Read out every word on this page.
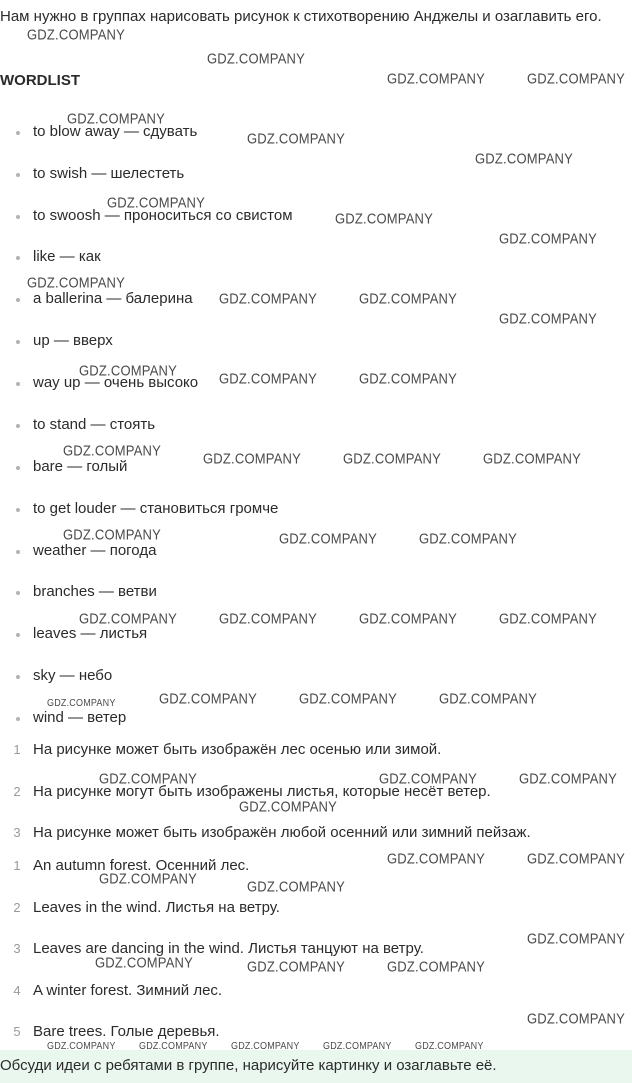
Нам нужно в группах нарисовать рисунок к стихотворению Анджелы и озаглавить его.
WORDLIST
to blow away — сдувать
to swish — шелестеть
to swoosh — проноситься со свистом
like — как
a ballerina — балерина
up — вверх
way up — очень высоко
to stand — стоять
bare — голый
to get louder — становиться громче
weather — погода
branches — ветви
leaves — листья
sky — небо
wind — ветер
1 На рисунке может быть изображён лес осенью или зимой.
2 На рисунке могут быть изображены листья, которые несёт ветер.
3 На рисунке может быть изображён любой осенний или зимний пейзаж.
1 An autumn forest. Осенний лес.
2 Leaves in the wind. Листья на ветру.
3 Leaves are dancing in the wind. Листья танцуют на ветру.
4 A winter forest. Зимний лес.
5 Bare trees. Голые деревья.
Обсуди идеи с ребятами в группе, нарисуйте картинку и озаглавьте её.
GDZ.COMPANY
GDZ.COMPANY
GDZ.COMPANY	GDZ.COMPANY
GDZ.COMPANY
GDZ.COMPANY
GDZ.COMPANY
GDZ.COMPANY
GDZ.COMPANY
GDZ.COMPANY
GDZ.COMPANY
GDZ.COMPANY	GDZ.COMPANY
GDZ.COMPANY
GDZ.COMPANY	GDZ.COMPANY	GDZ.COMPANY
GDZ.COMPANY	GDZ.COMPANY	GDZ.COMPANY	GDZ.COMPANY
GDZ.COMPANY	GDZ.COMPANY	GDZ.COMPANY
GDZ.COMPANY	GDZ.COMPANY	GDZ.COMPANY	GDZ.COMPANY
GDZ.COMPANY	GDZ.COMPANY	GDZ.COMPANY	GDZ.COMPANY
GDZ.COMPANY	GDZ.COMPANY	GDZ.COMPANY
GDZ.COMPANY
GDZ.COMPANY	GDZ.COMPANY
GDZ.COMPANY	GDZ.COMPANY
GDZ.COMPANY
GDZ.COMPANY	GDZ.COMPANY	GDZ.COMPANY
GDZ.COMPANY
GDZ.COMPANY	GDZ.COMPANY	GDZ.COMPANY	GDZ.COMPANY	GDZ.COMPANY
